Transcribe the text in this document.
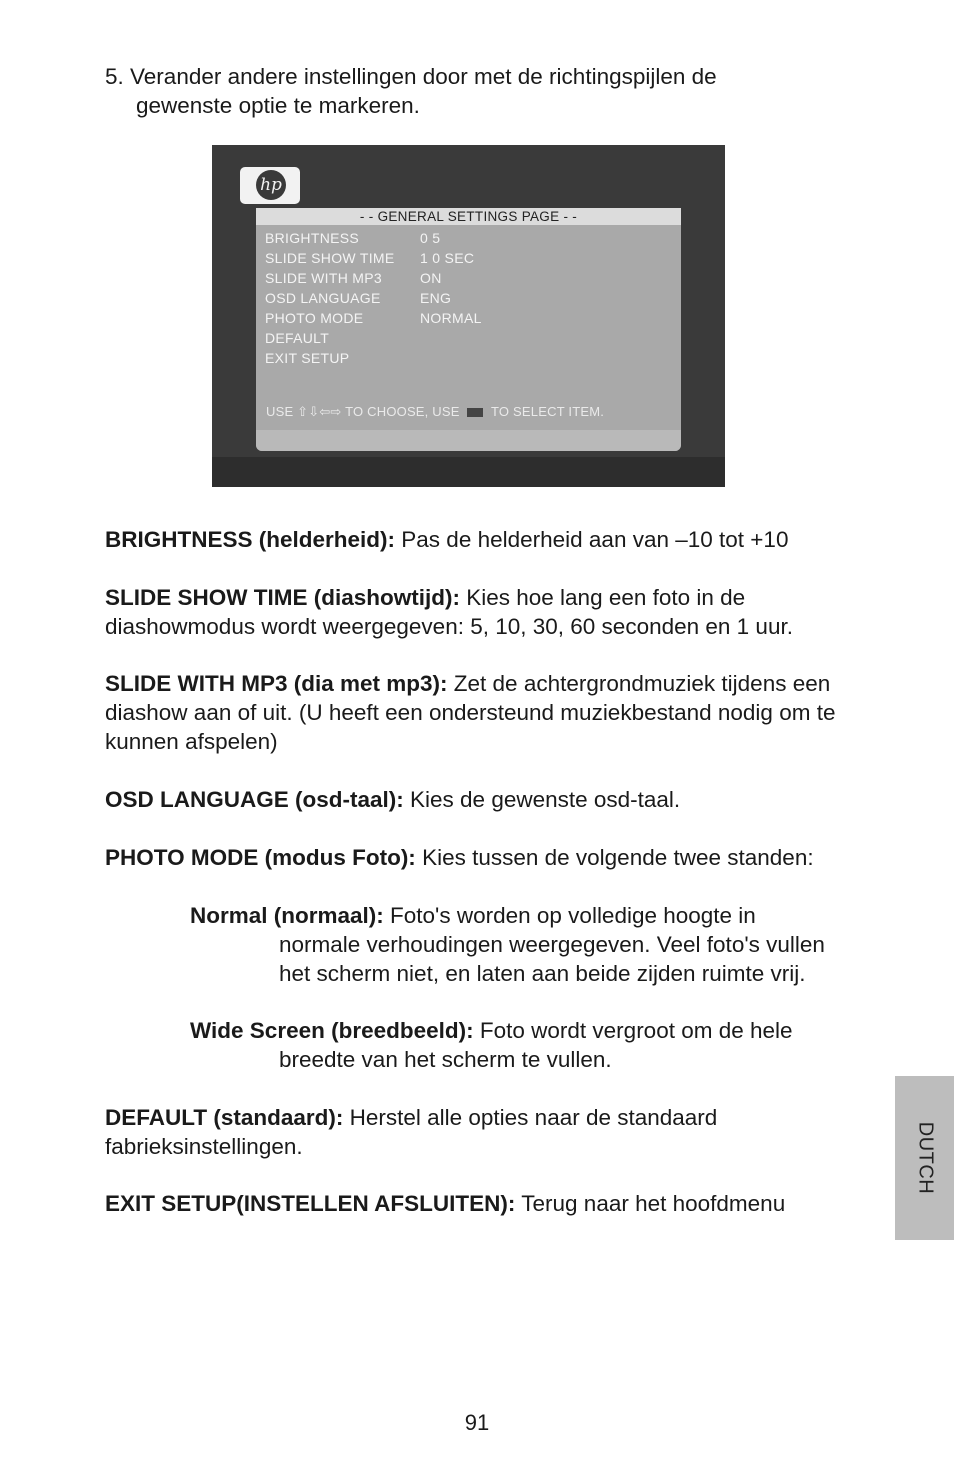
5. Verander andere instellingen door met de richtingspijlen de
gewenste optie te markeren.
hp
- - GENERAL SETTINGS PAGE - -
BRIGHTNESS	0 5
SLIDE SHOW TIME 1 0 SEC
SLIDE WITH MP3	ON
OSD LANGUAGE	ENG
PHOTO MODE	NORMAL
DEFAULT
EXIT SETUP
USE ⇧⇩⇦⇨ TO CHOOSE, USE TO SELECT ITEM.
BRIGHTNESS (helderheid): Pas de helderheid aan van –10 tot +10
SLIDE SHOW TIME (diashowtijd): Kies hoe lang een foto in de diashowmodus wordt weergegeven: 5, 10, 30, 60 seconden en 1 uur.
SLIDE WITH MP3 (dia met mp3): Zet de achtergrondmuziek tijdens een diashow aan of uit. (U heeft een ondersteund muziekbestand nodig om te kunnen afspelen)
OSD LANGUAGE (osd-taal): Kies de gewenste osd-taal.
PHOTO MODE (modus Foto): Kies tussen de volgende twee standen:
Normal (normaal): Foto's worden op volledige hoogte in
normale verhoudingen weergegeven. Veel foto's vullen het scherm niet, en laten aan beide zijden ruimte vrij.
Wide Screen (breedbeeld): Foto wordt vergroot om de hele
breedte van het scherm te vullen.
DEFAULT (standaard): Herstel alle opties naar de standaard fabrieksinstellingen.
EXIT SETUP(INSTELLEN AFSLUITEN): Terug naar het hoofdmenu
DUTCH
91
